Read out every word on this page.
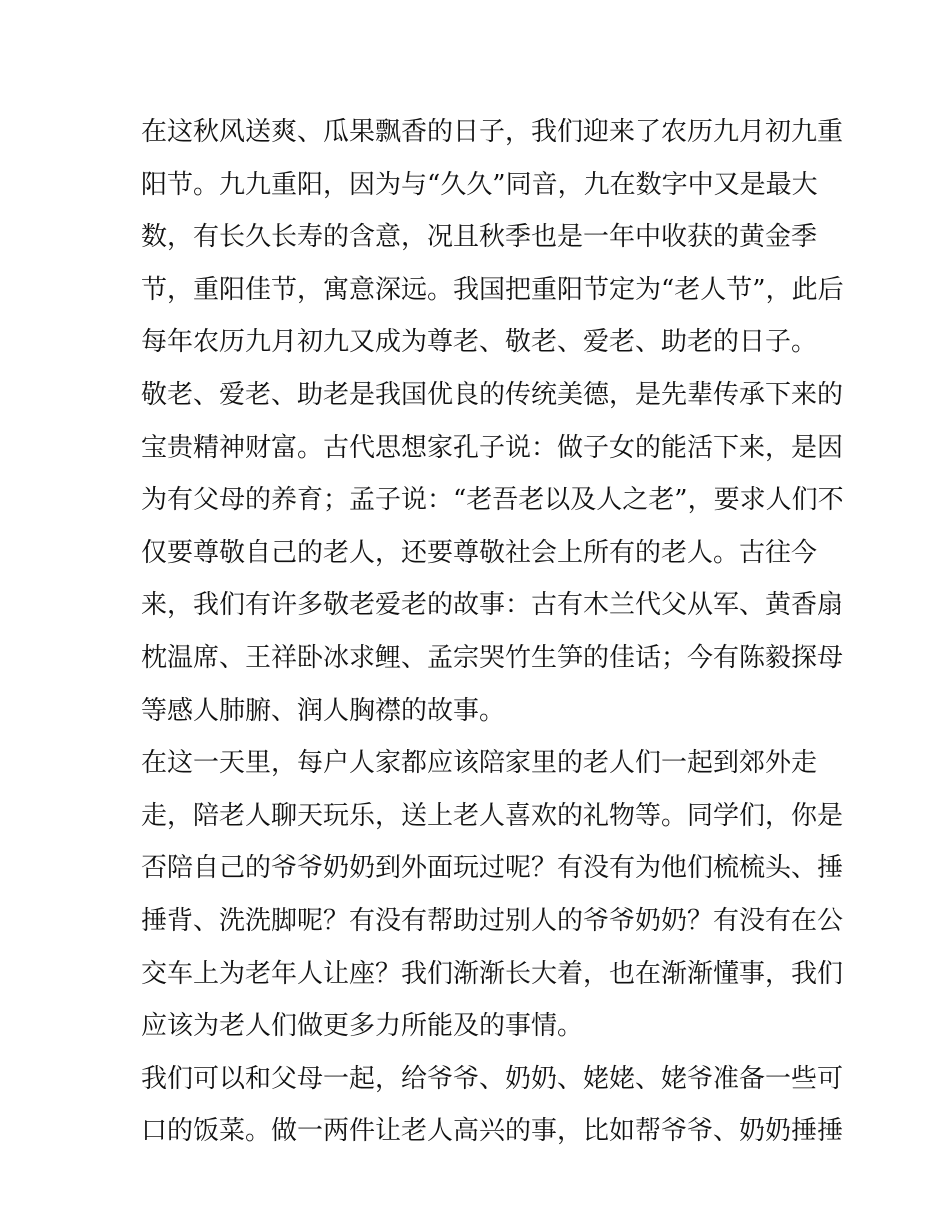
在这秋风送爽、瓜果飘香的日子，我们迎来了农历九月初九重
阳节。九九重阳，因为与“久久”同音，九在数字中又是最大
数，有长久长寿的含意，况且秋季也是一年中收获的黄金季
节，重阳佳节，寓意深远。我国把重阳节定为“老人节”，此后
每年农历九月初九又成为尊老、敬老、爱老、助老的日子。
敬老、爱老、助老是我国优良的传统美德，是先辈传承下来的
宝贵精神财富。古代思想家孔子说：做子女的能活下来，是因
为有父母的养育；孟子说：“老吾老以及人之老”，要求人们不
仅要尊敬自己的老人，还要尊敬社会上所有的老人。古往今
来，我们有许多敬老爱老的故事：古有木兰代父从军、黄香扇
枕温席、王祥卧冰求鲤、孟宗哭竹生笋的佳话；今有陈毅探母
等感人肺腑、润人胸襟的故事。
在这一天里，每户人家都应该陪家里的老人们一起到郊外走
走，陪老人聊天玩乐，送上老人喜欢的礼物等。同学们，你是
否陪自己的爷爷奶奶到外面玩过呢？有没有为他们梳梳头、捶
捶背、洗洗脚呢？有没有帮助过别人的爷爷奶奶？有没有在公
交车上为老年人让座？我们渐渐长大着，也在渐渐懂事，我们
应该为老人们做更多力所能及的事情。
我们可以和父母一起，给爷爷、奶奶、姥姥、姥爷准备一些可
口的饭菜。做一两件让老人高兴的事，比如帮爷爷、奶奶捶捶
